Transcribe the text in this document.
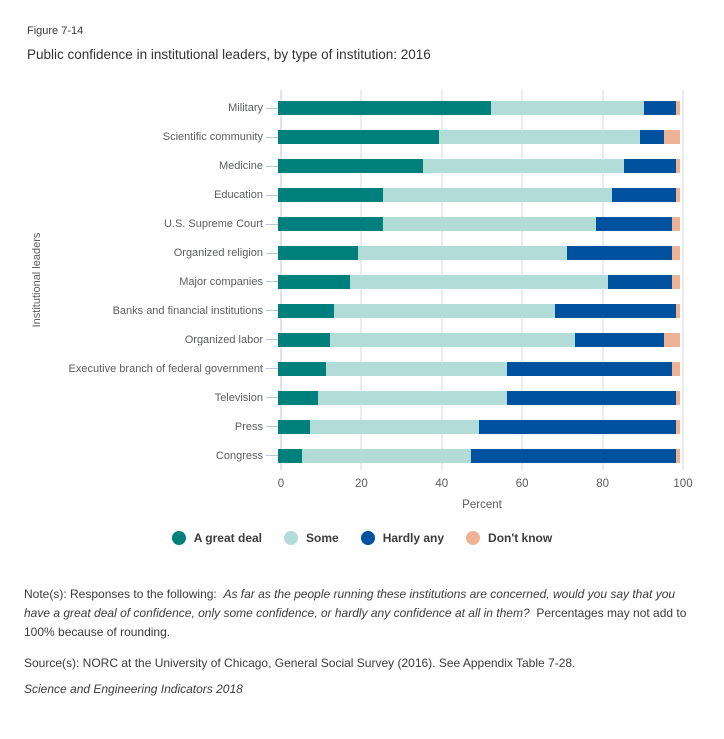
Figure 7-14
Public confidence in institutional leaders, by type of institution: 2016
Institutional leaders
Military
Scientific community
Medicine
Education
U.S. Supreme Court
Organized religion
Major companies
Banks and financial institutions
Organized labor
Executive branch of federal government
Television
Press
Congress
0	20	40	60	80	100
Percent
A great deal	Some	Hardly any	Don't know
Note(s): Responses to the following:  As far as the people running these institutions are concerned, would you say that you have a great deal of confidence, only some confidence, or hardly any confidence at all in them?  Percentages may not add to 100% because of rounding.
Source(s): NORC at the University of Chicago, General Social Survey (2016). See Appendix Table 7-28.
Science and Engineering Indicators 2018
